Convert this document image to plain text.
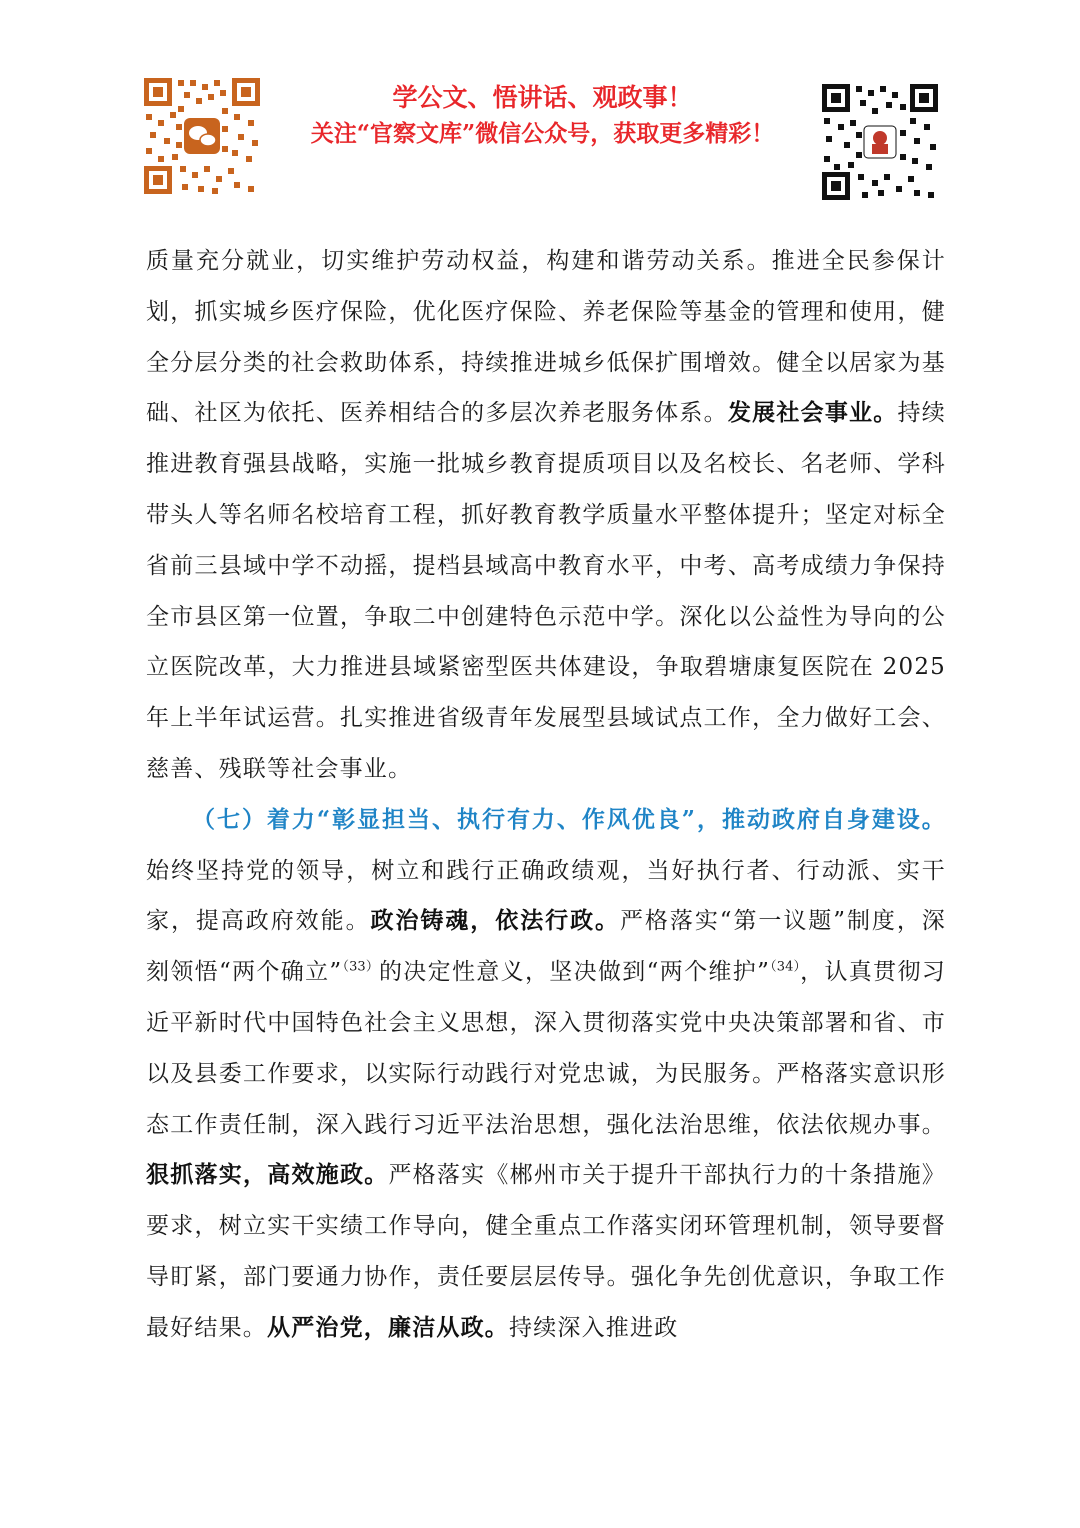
学公文、悟讲话、观政事！
关注“官察文库”微信公众号，获取更多精彩！

质量充分就业，切实维护劳动权益，构建和谐劳动关系。推进全民参保计划，抓实城乡医疗保险，优化医疗保险、养老保险等基金的管理和使用，健全分层分类的社会救助体系，持续推进城乡低保扩围增效。健全以居家为基础、社区为依托、医养相结合的多层次养老服务体系。发展社会事业。持续推进教育强县战略，实施一批城乡教育提质项目以及名校长、名老师、学科带头人等名师名校培育工程，抓好教育教学质量水平整体提升；坚定对标全省前三县域中学不动摇，提档县域高中教育水平，中考、高考成绩力争保持全市县区第一位置，争取二中创建特色示范中学。深化以公益性为导向的公立医院改革，大力推进县域紧密型医共体建设，争取碧塘康复医院在 2025 年上半年试运营。扎实推进省级青年发展型县域试点工作，全力做好工会、慈善、残联等社会事业。

（七）着力“彰显担当、执行有力、作风优良”，推动政府自身建设。始终坚持党的领导，树立和践行正确政绩观，当好执行者、行动派、实干家，提高政府效能。政治铸魂，依法行政。严格落实“第一议题”制度，深刻领悟“两个确立”$^{(33)}$的决定性意义，坚决做到“两个维护”$^{(34)}$，认真贯彻习近平新时代中国特色社会主义思想，深入贯彻落实党中央决策部署和省、市以及县委工作要求，以实际行动践行对党忠诚，为民服务。严格落实意识形态工作责任制，深入践行习近平法治思想，强化法治思维，依法依规办事。狠抓落实，高效施政。严格落实《郴州市关于提升干部执行力的十条措施》要求，树立实干实绩工作导向，健全重点工作落实闭环管理机制，领导要督导盯紧，部门要通力协作，责任要层层传导。强化争先创优意识，争取工作最好结果。从严治党，廉洁从政。持续深入推进政
